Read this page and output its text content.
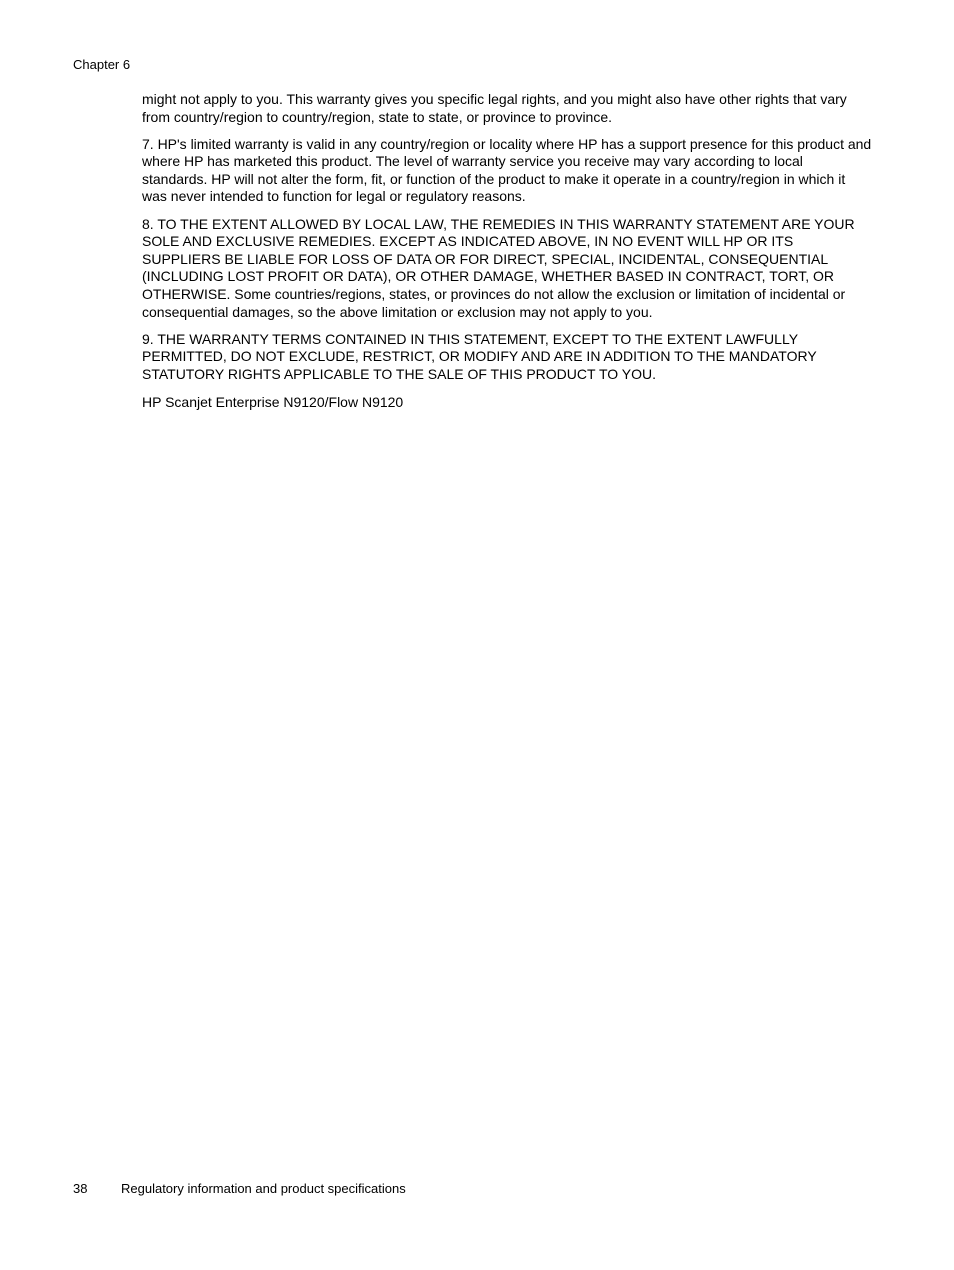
Chapter 6

might not apply to you. This warranty gives you specific legal rights, and you might also have other rights that vary from country/region to country/region, state to state, or province to province.

7. HP's limited warranty is valid in any country/region or locality where HP has a support presence for this product and where HP has marketed this product. The level of warranty service you receive may vary according to local standards. HP will not alter the form, fit, or function of the product to make it operate in a country/region in which it was never intended to function for legal or regulatory reasons.

8. TO THE EXTENT ALLOWED BY LOCAL LAW, THE REMEDIES IN THIS WARRANTY STATEMENT ARE YOUR SOLE AND EXCLUSIVE REMEDIES. EXCEPT AS INDICATED ABOVE, IN NO EVENT WILL HP OR ITS SUPPLIERS BE LIABLE FOR LOSS OF DATA OR FOR DIRECT, SPECIAL, INCIDENTAL, CONSEQUENTIAL (INCLUDING LOST PROFIT OR DATA), OR OTHER DAMAGE, WHETHER BASED IN CONTRACT, TORT, OR OTHERWISE. Some countries/regions, states, or provinces do not allow the exclusion or limitation of incidental or consequential damages, so the above limitation or exclusion may not apply to you.

9. THE WARRANTY TERMS CONTAINED IN THIS STATEMENT, EXCEPT TO THE EXTENT LAWFULLY PERMITTED, DO NOT EXCLUDE, RESTRICT, OR MODIFY AND ARE IN ADDITION TO THE MANDATORY STATUTORY RIGHTS APPLICABLE TO THE SALE OF THIS PRODUCT TO YOU.

HP Scanjet Enterprise N9120/Flow N9120

38	Regulatory information and product specifications
